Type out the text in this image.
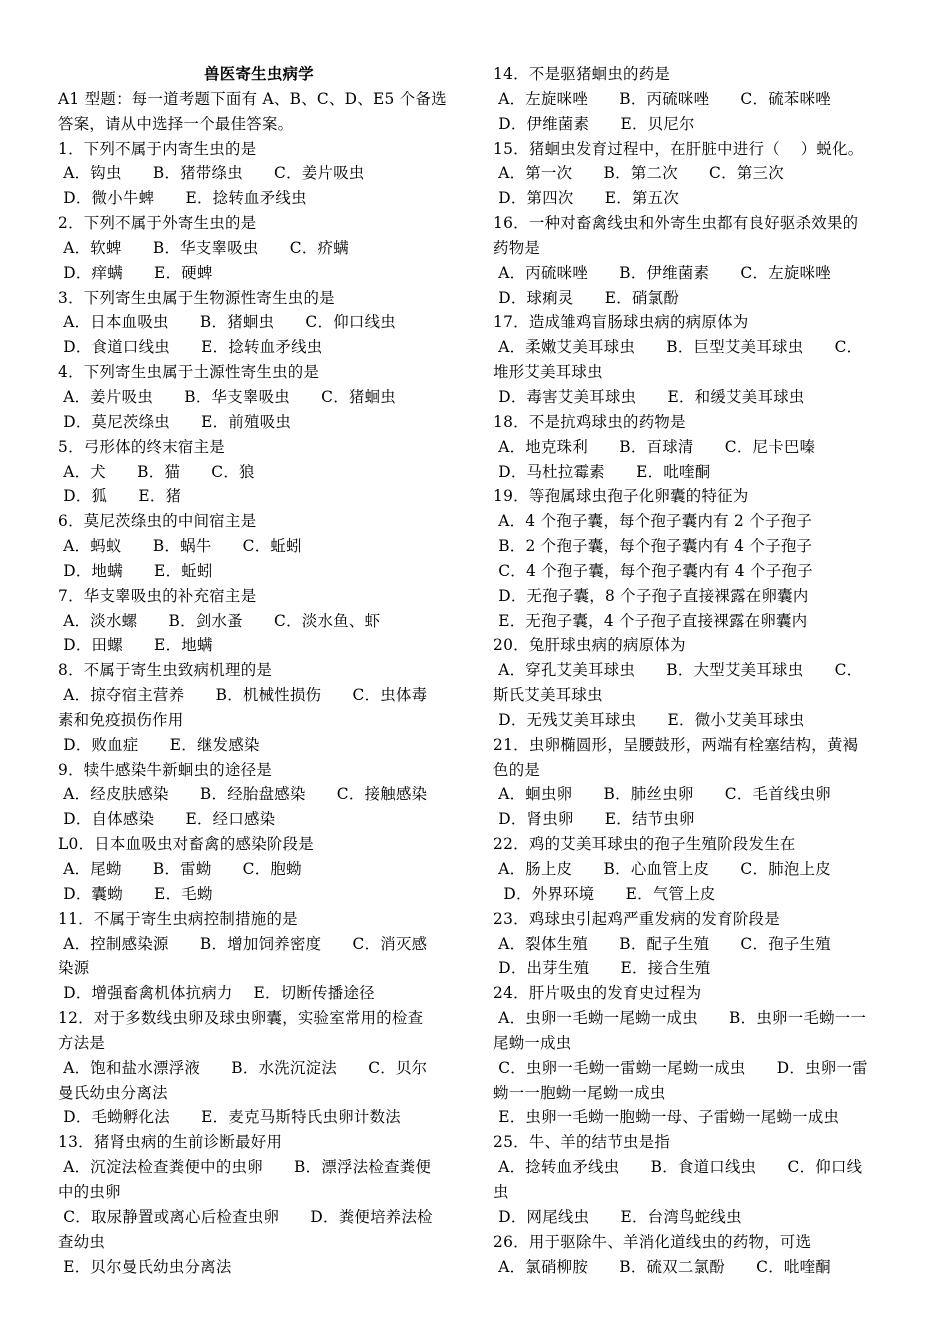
兽医寄生虫病学
A1 型题：每一道考题下面有 A、B、C、D、E5 个备选
答案，请从中选择一个最佳答案。
1．下列不属于内寄生虫的是
A．钩虫      B．猪带绦虫      C．姜片吸虫
D．微小牛蜱      E．捻转血矛线虫
2．下列不属于外寄生虫的是
A．软蜱      B．华支睾吸虫      C．疥螨
D．痒螨      E．硬蜱
3．下列寄生虫属于生物源性寄生虫的是
A．日本血吸虫      B．猪蛔虫      C．仰口线虫
D．食道口线虫      E．捻转血矛线虫
4．下列寄生虫属于土源性寄生虫的是
A．姜片吸虫      B．华支睾吸虫      C．猪蛔虫
D．莫尼茨绦虫      E．前殖吸虫
5．弓形体的终末宿主是
A．犬      B．猫      C．狼
D．狐      E．猪
6．莫尼茨绦虫的中间宿主是
A．蚂蚁      B．蜗牛      C．蚯蚓
D．地螨      E．蚯蚓
7．华支睾吸虫的补充宿主是
A．淡水螺      B．剑水蚤      C．淡水鱼、虾
D．田螺      E．地螨
8．不属于寄生虫致病机理的是
A．掠夺宿主营养      B．机械性损伤      C．虫体毒
素和免疫损伤作用
D．败血症      E．继发感染
9．犊牛感染牛新蛔虫的途径是
A．经皮肤感染      B．经胎盘感染      C．接触感染
D．自体感染      E．经口感染
L0．日本血吸虫对畜禽的感染阶段是
A．尾蚴      B．雷蚴      C．胞蚴
D．囊蚴      E．毛蚴
11．不属于寄生虫病控制措施的是
A．控制感染源      B．增加饲养密度      C．消灭感
染源
D．增强畜禽机体抗病力    E．切断传播途径
12．对于多数线虫卵及球虫卵囊，实验室常用的检查
方法是
A．饱和盐水漂浮液      B．水洗沉淀法      C．贝尔
曼氏幼虫分离法
D．毛蚴孵化法      E．麦克马斯特氏虫卵计数法
13．猪肾虫病的生前诊断最好用
A．沉淀法检查粪便中的虫卵      B．漂浮法检查粪便
中的虫卵
C．取尿静置或离心后检查虫卵      D．粪便培养法检
查幼虫
E．贝尔曼氏幼虫分离法
14．不是驱猪蛔虫的药是
A．左旋咪唑      B．丙硫咪唑      C．硫苯咪唑
D．伊维菌素      E．贝尼尔
15．猪蛔虫发育过程中，在肝脏中进行（    ）蜕化。
A．第一次      B．第二次      C．第三次
D．第四次      E．第五次
16．一种对畜禽线虫和外寄生虫都有良好驱杀效果的
药物是
A．丙硫咪唑      B．伊维菌素      C．左旋咪唑
D．球痢灵      E．硝氯酚
17．造成雏鸡盲肠球虫病的病原体为
A．柔嫩艾美耳球虫      B．巨型艾美耳球虫      C．
堆形艾美耳球虫
D．毒害艾美耳球虫      E．和缓艾美耳球虫
18．不是抗鸡球虫的药物是
A．地克珠利      B．百球清      C．尼卡巴嗪
D．马杜拉霉素      E．吡喹酮
19．等孢属球虫孢子化卵囊的特征为
A．4 个孢子囊，每个孢子囊内有 2 个子孢子
B．2 个孢子囊，每个孢子囊内有 4 个子孢子
C．4 个孢子囊，每个孢子囊内有 4 个子孢子
D．无孢子囊，8 个子孢子直接裸露在卵囊内
E．无孢子囊，4 个子孢子直接裸露在卵囊内
20．兔肝球虫病的病原体为
A．穿孔艾美耳球虫      B．大型艾美耳球虫      C．
斯氏艾美耳球虫
D．无残艾美耳球虫      E．微小艾美耳球虫
21．虫卵椭圆形，呈腰鼓形，两端有栓塞结构，黄褐
色的是
A．蛔虫卵      B．肺丝虫卵      C．毛首线虫卵
D．肾虫卵      E．结节虫卵
22．鸡的艾美耳球虫的孢子生殖阶段发生在
A．肠上皮      B．心血管上皮      C．肺泡上皮
D．外界环境      E．气管上皮
23．鸡球虫引起鸡严重发病的发育阶段是
A．裂体生殖      B．配子生殖      C．孢子生殖
D．出芽生殖      E．接合生殖
24．肝片吸虫的发育史过程为
A．虫卵一毛蚴一尾蚴一成虫      B．虫卵一毛蚴一一
尾蚴一成虫
C．虫卵一毛蚴一雷蚴一尾蚴一成虫      D．虫卵一雷
蚴一一胞蚴一尾蚴一成虫
E．虫卵一毛蚴一胞蚴一母、子雷蚴一尾蚴一成虫
25．牛、羊的结节虫是指
A．捻转血矛线虫      B．食道口线虫      C．仰口线
虫
D．网尾线虫      E．台湾鸟蛇线虫
26．用于驱除牛、羊消化道线虫的药物，可选
A．氯硝柳胺      B．硫双二氯酚      C．吡喹酮
